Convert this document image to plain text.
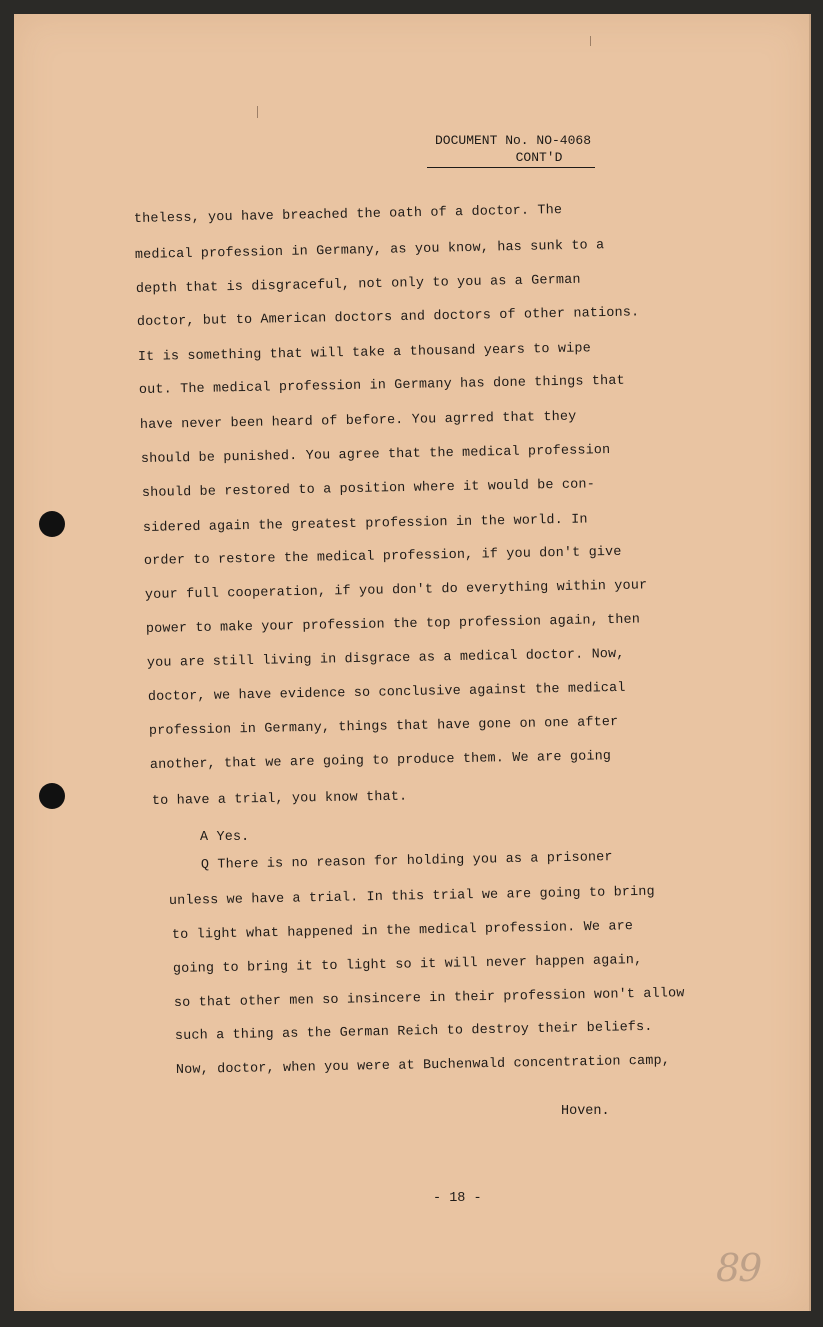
DOCUMENT No. NO-4068
CONT'D
theless, you have breached the oath of a doctor. The
medical profession in Germany, as you know, has sunk to a
depth that is disgraceful, not only to you as a German
doctor, but to American doctors and doctors of other nations.
It is something that will take a thousand years to wipe
out. The medical profession in Germany has done things that
have never been heard of before. You agrred that they
should be punished. You agree that the medical profession
should be restored to a position where it would be con-
sidered again the greatest profession in the world. In
order to restore the medical profession, if you don't give
your full cooperation, if you don't do everything within your
power to make your profession the top profession again, then
you are still living in disgrace as a medical doctor. Now,
doctor, we have evidence so conclusive against the medical
profession in Germany, things that have gone on one after
another, that we are going to produce them. We are going
to have a trial, you know that.
A Yes.
Q There is no reason for holding you as a prisoner
unless we have a trial. In this trial we are going to bring
to light what happened in the medical profession. We are
going to bring it to light so it will never happen again,
so that other men so insincere in their profession won't allow
such a thing as the German Reich to destroy their beliefs.
Now, doctor, when you were at Buchenwald concentration camp,
Hoven.
- 18 -
89
